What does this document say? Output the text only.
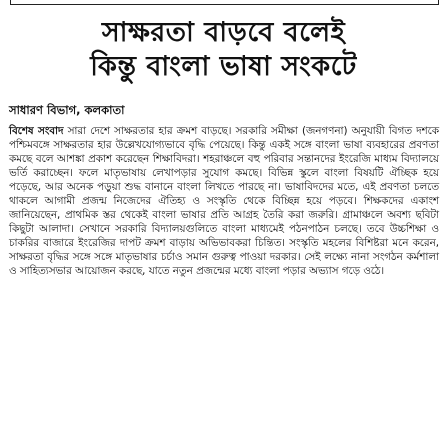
সাক্ষরতা বাড়বে বলেই
কিন্তু বাংলা ভাষা সংকটে
সাধারণ বিভাগ, কলকাতা

বিশেষ সংবাদ সারা দেশে সাক্ষরতার হার ক্রমশ বাড়ছে। সরকারি সমীক্ষা (জনগণনা) অনুযায়ী বিগত দশকে পশ্চিমবঙ্গে সাক্ষরতার হার উল্লেখযোগ্যভাবে বৃদ্ধি পেয়েছে। কিন্তু একই সঙ্গে বাংলা ভাষা ব্যবহারের প্রবণতা কমছে বলে আশঙ্কা প্রকাশ করেছেন শিক্ষাবিদরা। শহরাঞ্চলে বহু পরিবার সন্তানদের ইংরেজি মাধ্যম বিদ্যালয়ে ভর্তি করাচ্ছেন। ফলে মাতৃভাষায় লেখাপড়ার সুযোগ কমছে। বিভিন্ন স্কুলে বাংলা বিষয়টি ঐচ্ছিক হয়ে পড়েছে, আর অনেক পড়ুয়া শুদ্ধ বানানে বাংলা লিখতে পারছে না। ভাষাবিদদের মতে, এই প্রবণতা চলতে থাকলে আগামী প্রজন্ম নিজেদের ঐতিহ্য ও সংস্কৃতি থেকে বিচ্ছিন্ন হয়ে পড়বে। শিক্ষকদের একাংশ জানিয়েছেন, প্রাথমিক স্তর থেকেই বাংলা ভাষার প্রতি আগ্রহ তৈরি করা জরুরি। গ্রামাঞ্চলে অবশ্য ছবিটা কিছুটা আলাদা। সেখানে সরকারি বিদ্যালয়গুলিতে বাংলা মাধ্যমেই পঠনপাঠন চলছে। তবে উচ্চশিক্ষা ও চাকরির বাজারে ইংরেজির দাপট ক্রমশ বাড়ায় অভিভাবকরা চিন্তিত। সংস্কৃতি মহলের বিশিষ্টরা মনে করেন, সাক্ষরতা বৃদ্ধির সঙ্গে সঙ্গে মাতৃভাষার চর্চাও সমান গুরুত্ব পাওয়া দরকার। সেই লক্ষ্যে নানা সংগঠন কর্মশালা ও সাহিত্যসভার আয়োজন করছে, যাতে নতুন প্রজন্মের মধ্যে বাংলা পড়ার অভ্যাস গড়ে ওঠে।
